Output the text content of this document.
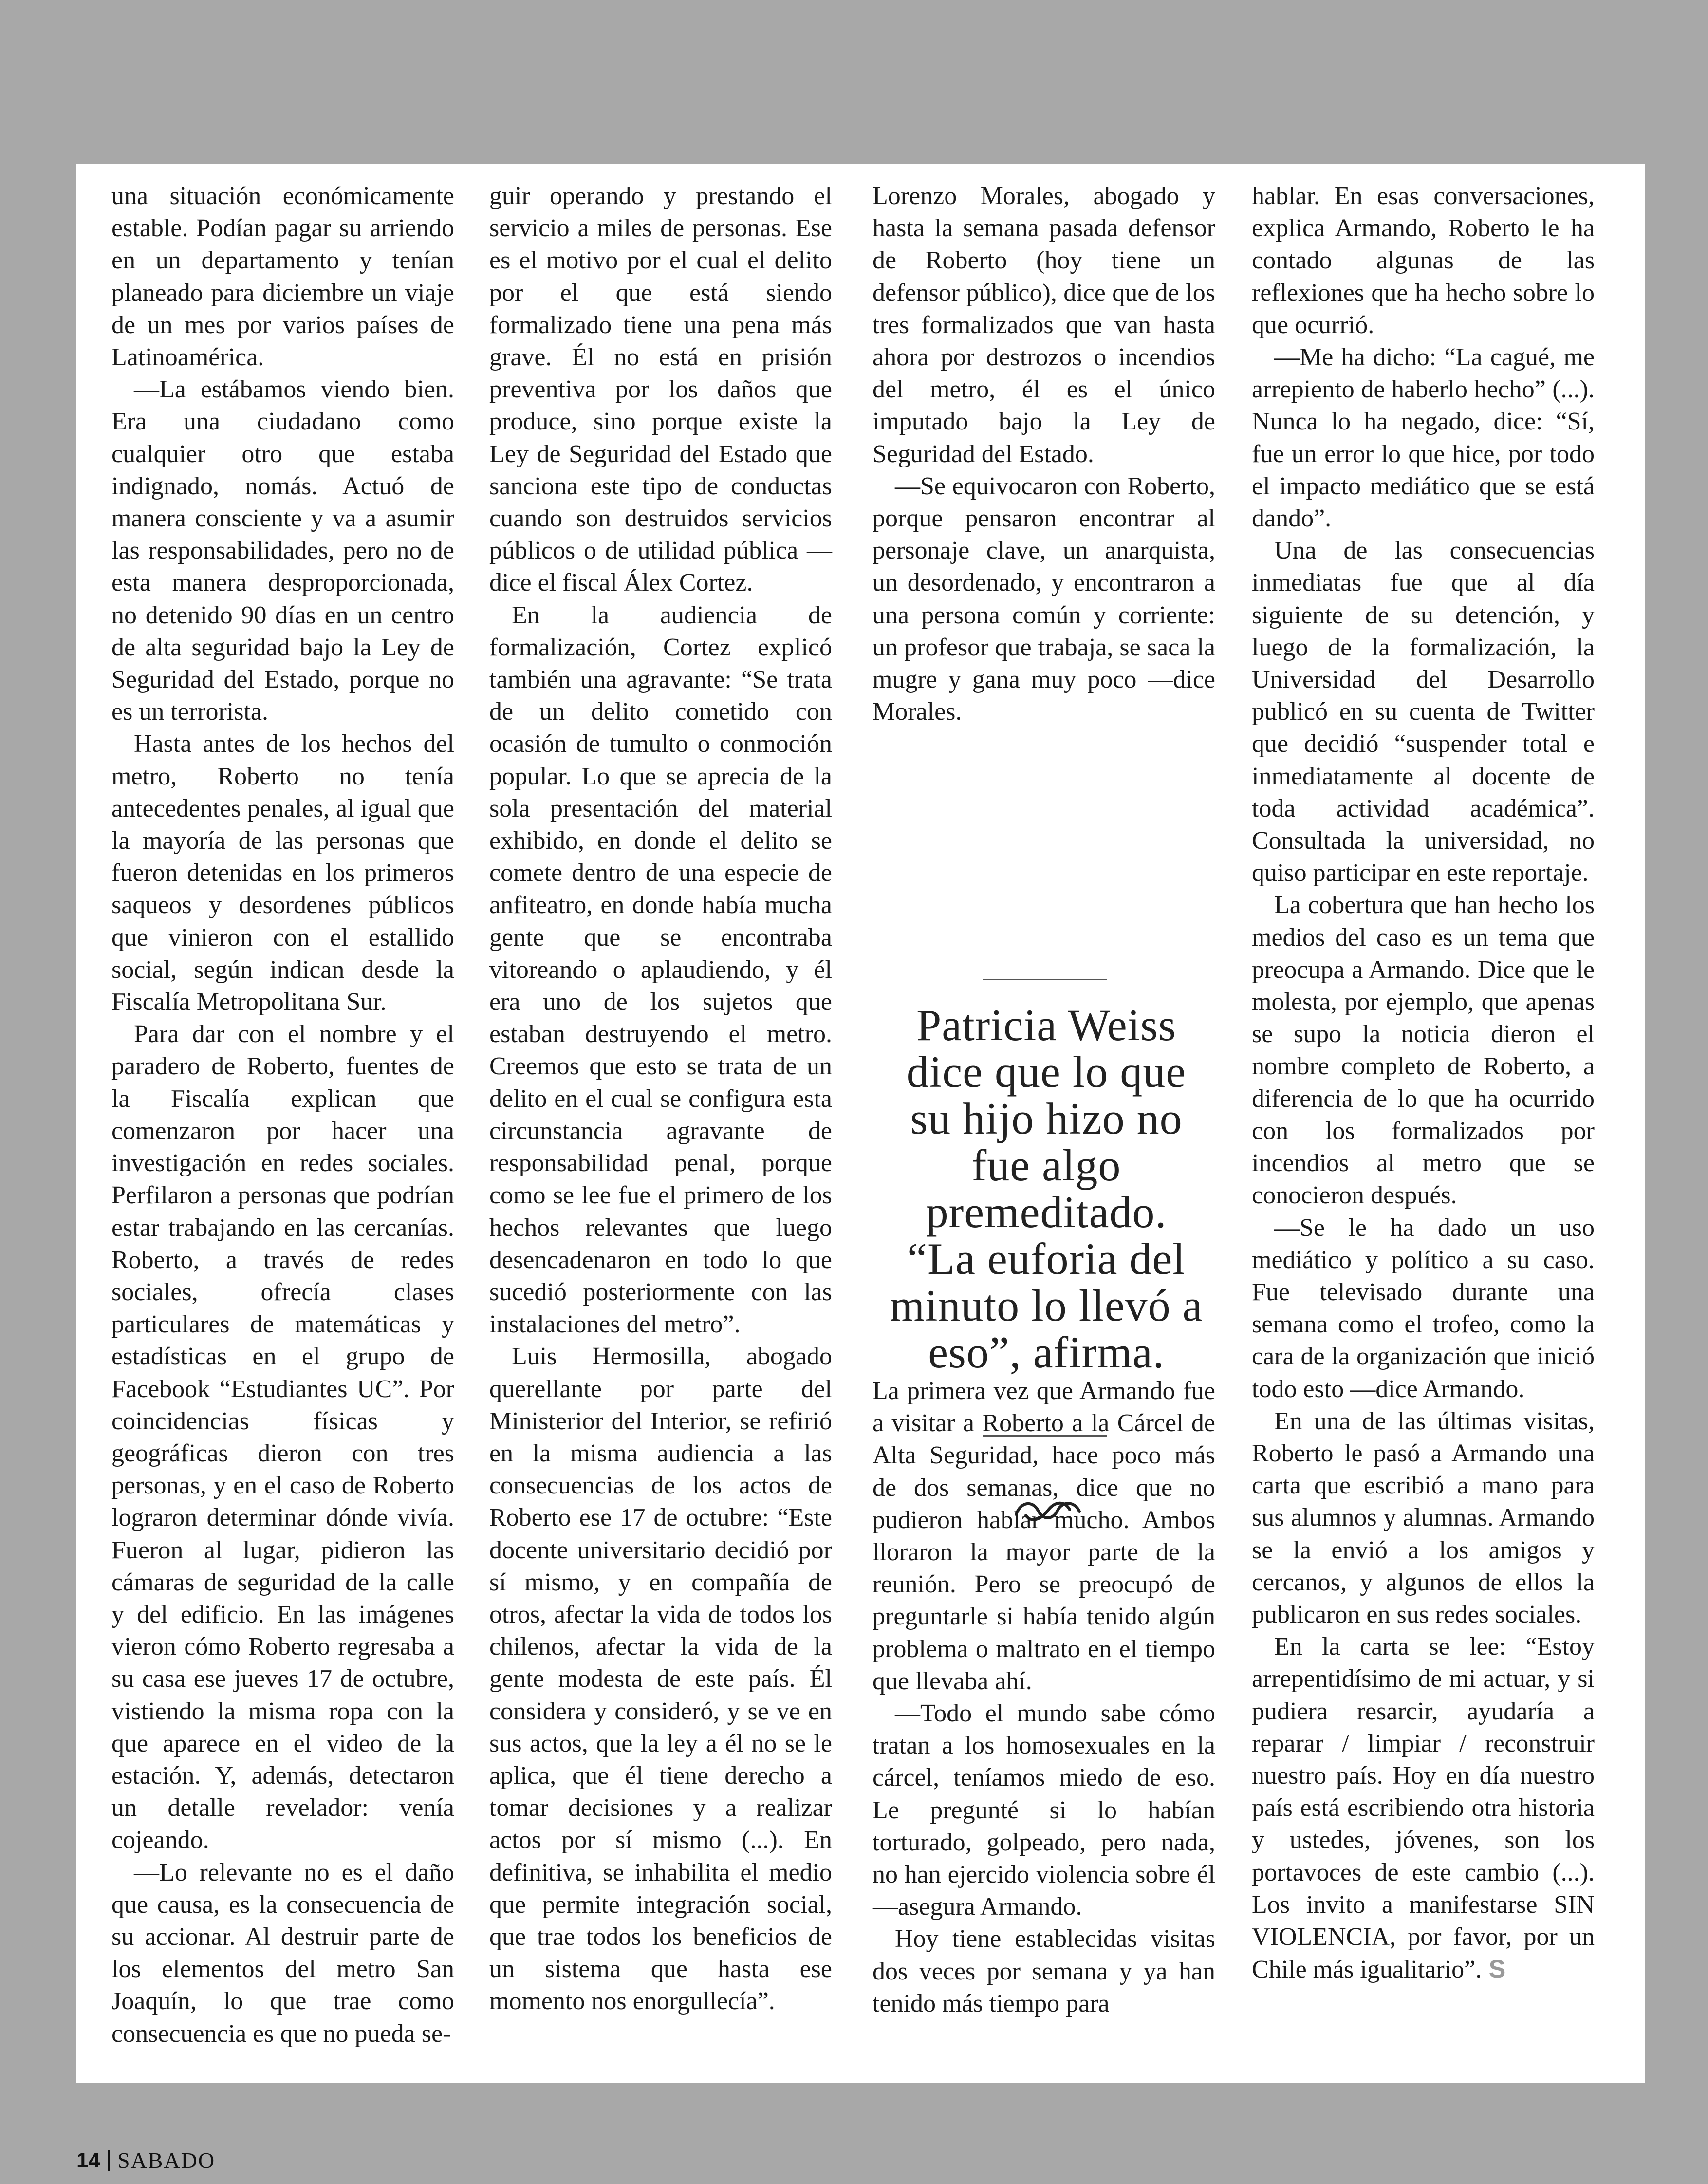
una situación económicamente estable. Podían pagar su arriendo en un departamento y tenían planeado para diciembre un viaje de un mes por varios países de Latinoamérica.

—La estábamos viendo bien. Era una ciudadano como cualquier otro que estaba indignado, nomás. Actuó de manera consciente y va a asumir las responsabilidades, pero no de esta manera desproporcionada, no detenido 90 días en un centro de alta seguridad bajo la Ley de Seguridad del Estado, porque no es un terrorista.

Hasta antes de los hechos del metro, Roberto no tenía antecedentes penales, al igual que la mayoría de las personas que fueron detenidas en los primeros saqueos y desordenes públicos que vinieron con el estallido social, según indican desde la Fiscalía Metropolitana Sur.

Para dar con el nombre y el paradero de Roberto, fuentes de la Fiscalía explican que comenzaron por hacer una investigación en redes sociales. Perfilaron a personas que podrían estar trabajando en las cercanías. Roberto, a través de redes sociales, ofrecía clases particulares de matemáticas y estadísticas en el grupo de Facebook “Estudiantes UC”. Por coincidencias físicas y geográficas dieron con tres personas, y en el caso de Roberto lograron determinar dónde vivía. Fueron al lugar, pidieron las cámaras de seguridad de la calle y del edificio. En las imágenes vieron cómo Roberto regresaba a su casa ese jueves 17 de octubre, vistiendo la misma ropa con la que aparece en el video de la estación. Y, además, detectaron un detalle revelador: venía cojeando.

—Lo relevante no es el daño que causa, es la consecuencia de su accionar. Al destruir parte de los elementos del metro San Joaquín, lo que trae como consecuencia es que no pueda se-

guir operando y prestando el servicio a miles de personas. Ese es el motivo por el cual el delito por el que está siendo formalizado tiene una pena más grave. Él no está en prisión preventiva por los daños que produce, sino porque existe la Ley de Seguridad del Estado que sanciona este tipo de conductas cuando son destruidos servicios públicos o de utilidad pública —dice el fiscal Álex Cortez.

En la audiencia de formalización, Cortez explicó también una agravante: “Se trata de un delito cometido con ocasión de tumulto o conmoción popular. Lo que se aprecia de la sola presentación del material exhibido, en donde el delito se comete dentro de una especie de anfiteatro, en donde había mucha gente que se encontraba vitoreando o aplaudiendo, y él era uno de los sujetos que estaban destruyendo el metro. Creemos que esto se trata de un delito en el cual se configura esta circunstancia agravante de responsabilidad penal, porque como se lee fue el primero de los hechos relevantes que luego desencadenaron en todo lo que sucedió posteriormente con las instalaciones del metro”.

Luis Hermosilla, abogado querellante por parte del Ministerior del Interior, se refirió en la misma audiencia a las consecuencias de los actos de Roberto ese 17 de octubre: “Este docente universitario decidió por sí mismo, y en compañía de otros, afectar la vida de todos los chilenos, afectar la vida de la gente modesta de este país. Él considera y consideró, y se ve en sus actos, que la ley a él no se le aplica, que él tiene derecho a tomar decisiones y a realizar actos por sí mismo (...). En definitiva, se inhabilita el medio que permite integración social, que trae todos los beneficios de un sistema que hasta ese momento nos enorgullecía”.

Lorenzo Morales, abogado y hasta la semana pasada defensor de Roberto (hoy tiene un defensor público), dice que de los tres formalizados que van hasta ahora por destrozos o incendios del metro, él es el único imputado bajo la Ley de Seguridad del Estado.

—Se equivocaron con Roberto, porque pensaron encontrar al personaje clave, un anarquista, un desordenado, y encontraron a una persona común y corriente: un profesor que trabaja, se saca la mugre y gana muy poco —dice Morales.

Patricia Weiss
dice que lo que
su hijo hizo no
fue algo
premeditado.
“La euforia del
minuto lo llevó a
eso”, afirma.

La primera vez que Armando fue a visitar a Roberto a la Cárcel de Alta Seguridad, hace poco más de dos semanas, dice que no pudieron hablar mucho. Ambos lloraron la mayor parte de la reunión. Pero se preocupó de preguntarle si había tenido algún problema o maltrato en el tiempo que llevaba ahí.

—Todo el mundo sabe cómo tratan a los homosexuales en la cárcel, teníamos miedo de eso. Le pregunté si lo habían torturado, golpeado, pero nada, no han ejercido violencia sobre él —asegura Armando.

Hoy tiene establecidas visitas dos veces por semana y ya han tenido más tiempo para

hablar. En esas conversaciones, explica Armando, Roberto le ha contado algunas de las reflexiones que ha hecho sobre lo que ocurrió.

—Me ha dicho: “La cagué, me arrepiento de haberlo hecho” (...). Nunca lo ha negado, dice: “Sí, fue un error lo que hice, por todo el impacto mediático que se está dando”.

Una de las consecuencias inmediatas fue que al día siguiente de su detención, y luego de la formalización, la Universidad del Desarrollo publicó en su cuenta de Twitter que decidió “suspender total e inmediatamente al docente de toda actividad académica”. Consultada la universidad, no quiso participar en este reportaje.

La cobertura que han hecho los medios del caso es un tema que preocupa a Armando. Dice que le molesta, por ejemplo, que apenas se supo la noticia dieron el nombre completo de Roberto, a diferencia de lo que ha ocurrido con los formalizados por incendios al metro que se conocieron después.

—Se le ha dado un uso mediático y político a su caso. Fue televisado durante una semana como el trofeo, como la cara de la organización que inició todo esto —dice Armando.

En una de las últimas visitas, Roberto le pasó a Armando una carta que escribió a mano para sus alumnos y alumnas. Armando se la envió a los amigos y cercanos, y algunos de ellos la publicaron en sus redes sociales.

En la carta se lee: “Estoy arrepentidísimo de mi actuar, y si pudiera resarcir, ayudaría a reparar / limpiar / reconstruir nuestro país. Hoy en día nuestro país está escribiendo otra historia y ustedes, jóvenes, son los portavoces de este cambio (...). Los invito a manifestarse SIN VIOLENCIA, por favor, por un Chile más igualitario”. S

14 SABADO
